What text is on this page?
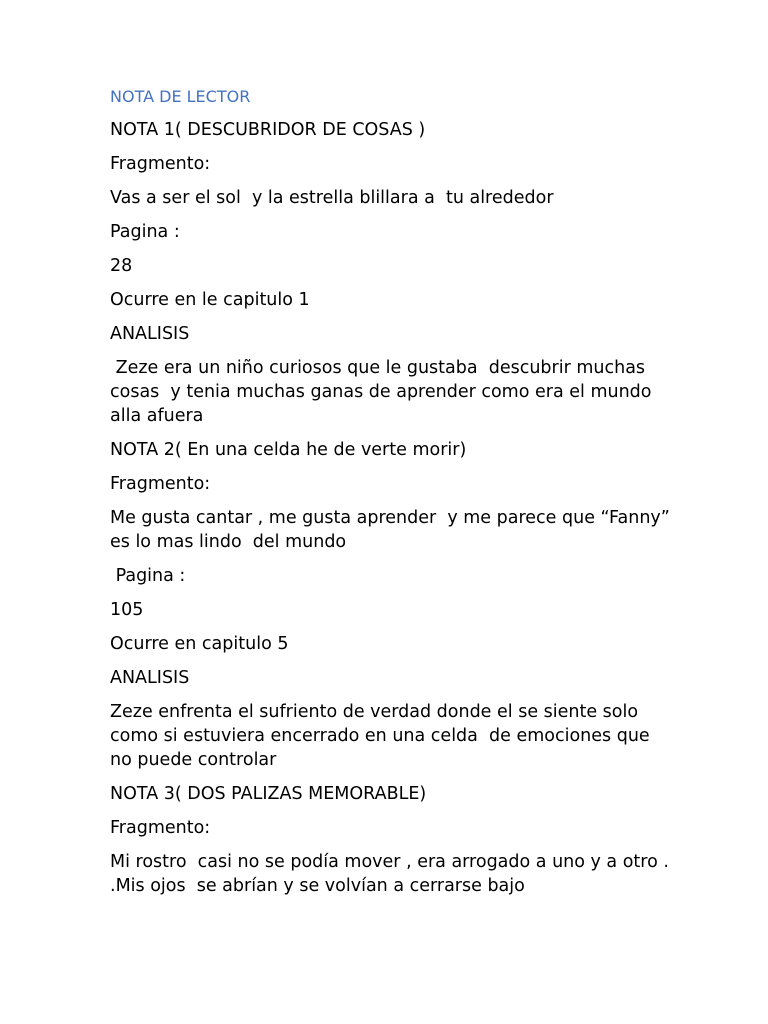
NOTA DE LECTOR

NOTA 1( DESCUBRIDOR DE COSAS )

Fragmento:

Vas a ser el sol  y la estrella blillara a  tu alrededor

Pagina :

28

Ocurre en le capitulo 1

ANALISIS

Zeze era un niño curiosos que le gustaba  descubrir muchas cosas  y tenia muchas ganas de aprender como era el mundo  alla afuera

NOTA 2( En una celda he de verte morir)

Fragmento:

Me gusta cantar , me gusta aprender  y me parece que “Fanny” es lo mas lindo  del mundo

Pagina :

105

Ocurre en capitulo 5

ANALISIS

Zeze enfrenta el sufriento de verdad donde el se siente solo como si estuviera encerrado en una celda  de emociones que no puede controlar

NOTA 3( DOS PALIZAS MEMORABLE)

Fragmento:

Mi rostro  casi no se podía mover , era arrogado a uno y a otro . .Mis ojos  se abrían y se volvían a cerrarse bajo
